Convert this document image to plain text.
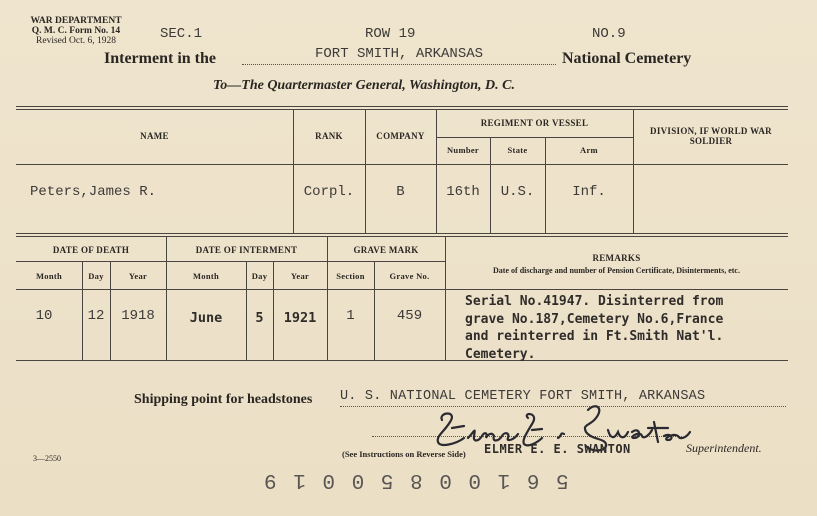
WAR DEPARTMENT
Q. M. C. Form No. 14
Revised Oct. 6, 1928	SEC.1	ROW 19	NO.9
Interment in the	FORT SMITH, ARKANSAS	National Cemetery
To—The Quartermaster General, Washington, D. C.
NAME	RANK	COMPANY
REGIMENT OR VESSEL
Number	State	Arm
DIVISION, IF WORLD WAR SOLDIER
Peters,James R.	Corpl.	B	16th	U.S.	Inf.
DATE OF DEATH	DATE OF INTERMENT	GRAVE MARK
REMARKS
Date of discharge and number of Pension Certificate, Disinterments, etc.
Month	Day	Year	Month	Day	Year	Section	Grave No.
10	12	1918	June	5	1921	1	459
Serial No.41947. Disinterred from
grave No.187,Cemetery No.6,France
and reinterred in Ft.Smith Nat'l.
Cemetery.
Shipping point for headstones U. S. NATIONAL CEMETERY FORT SMITH, ARKANSAS
(See Instructions on Reverse Side) ELMER E. E. SWANTON	Superintendent.
3—2550
5 6 1 0 0 8 5 0 0 1 9
